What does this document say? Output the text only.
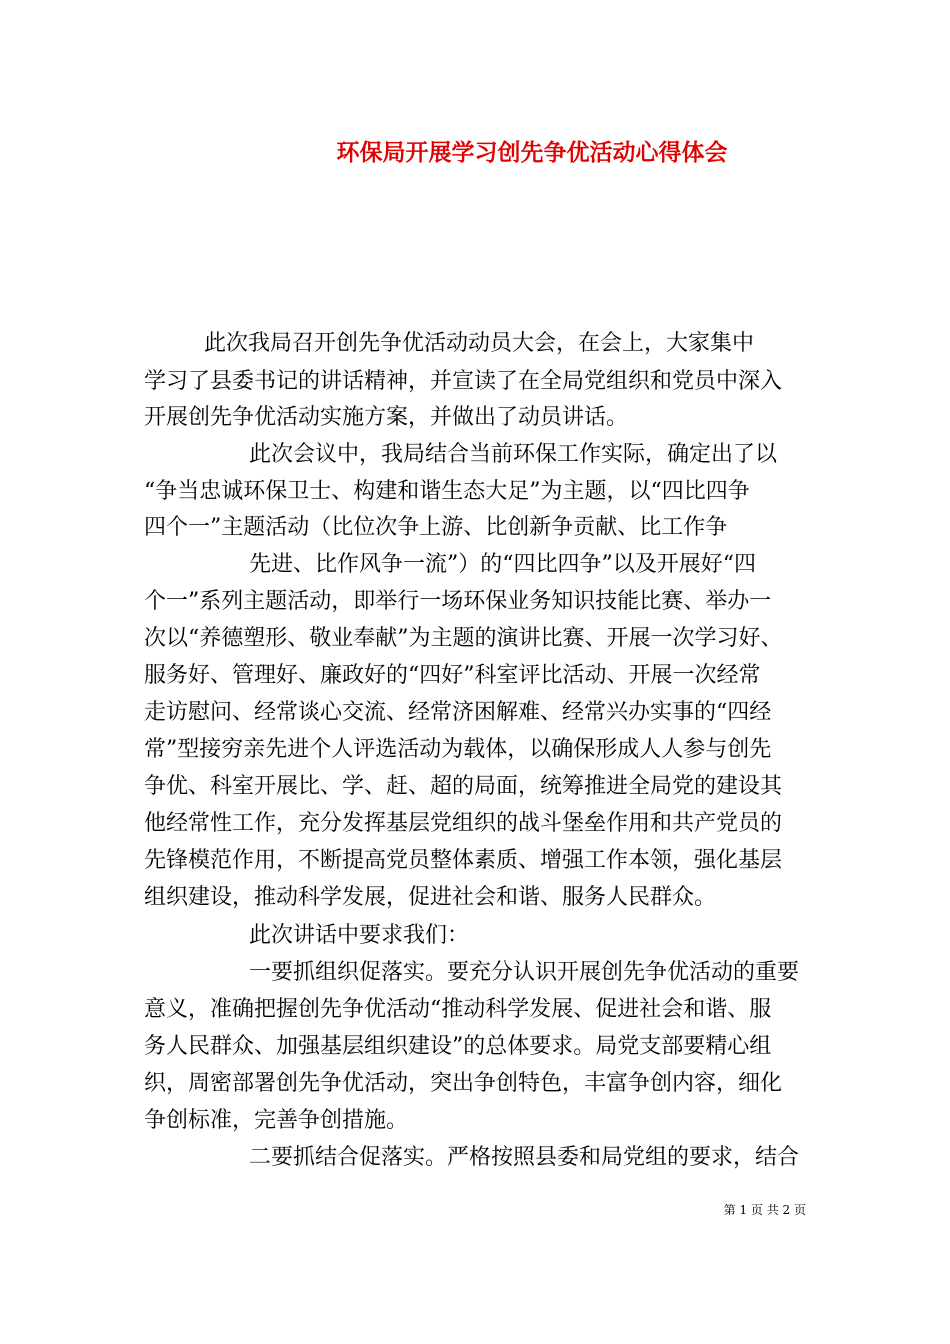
环保局开展学习创先争优活动心得体会
此次我局召开创先争优活动动员大会，在会上，大家集中
学习了县委书记的讲话精神，并宣读了在全局党组织和党员中深入
开展创先争优活动实施方案，并做出了动员讲话。
此次会议中，我局结合当前环保工作实际，确定出了以
“争当忠诚环保卫士、构建和谐生态大足”为主题，以“四比四争
四个一”主题活动（比位次争上游、比创新争贡献、比工作争
先进、比作风争一流”）的“四比四争”以及开展好“四
个一”系列主题活动，即举行一场环保业务知识技能比赛、举办一
次以“养德塑形、敬业奉献”为主题的演讲比赛、开展一次学习好、
服务好、管理好、廉政好的“四好”科室评比活动、开展一次经常
走访慰问、经常谈心交流、经常济困解难、经常兴办实事的“四经
常”型接穷亲先进个人评选活动为载体，以确保形成人人参与创先
争优、科室开展比、学、赶、超的局面，统筹推进全局党的建设其
他经常性工作，充分发挥基层党组织的战斗堡垒作用和共产党员的
先锋模范作用，不断提高党员整体素质、增强工作本领，强化基层
组织建设，推动科学发展，促进社会和谐、服务人民群众。
此次讲话中要求我们：
一要抓组织促落实。要充分认识开展创先争优活动的重要
意义，准确把握创先争优活动“推动科学发展、促进社会和谐、服
务人民群众、加强基层组织建设”的总体要求。局党支部要精心组
织，周密部署创先争优活动，突出争创特色，丰富争创内容，细化
争创标准，完善争创措施。
二要抓结合促落实。严格按照县委和局党组的要求，结合
第 1 页 共 2 页
